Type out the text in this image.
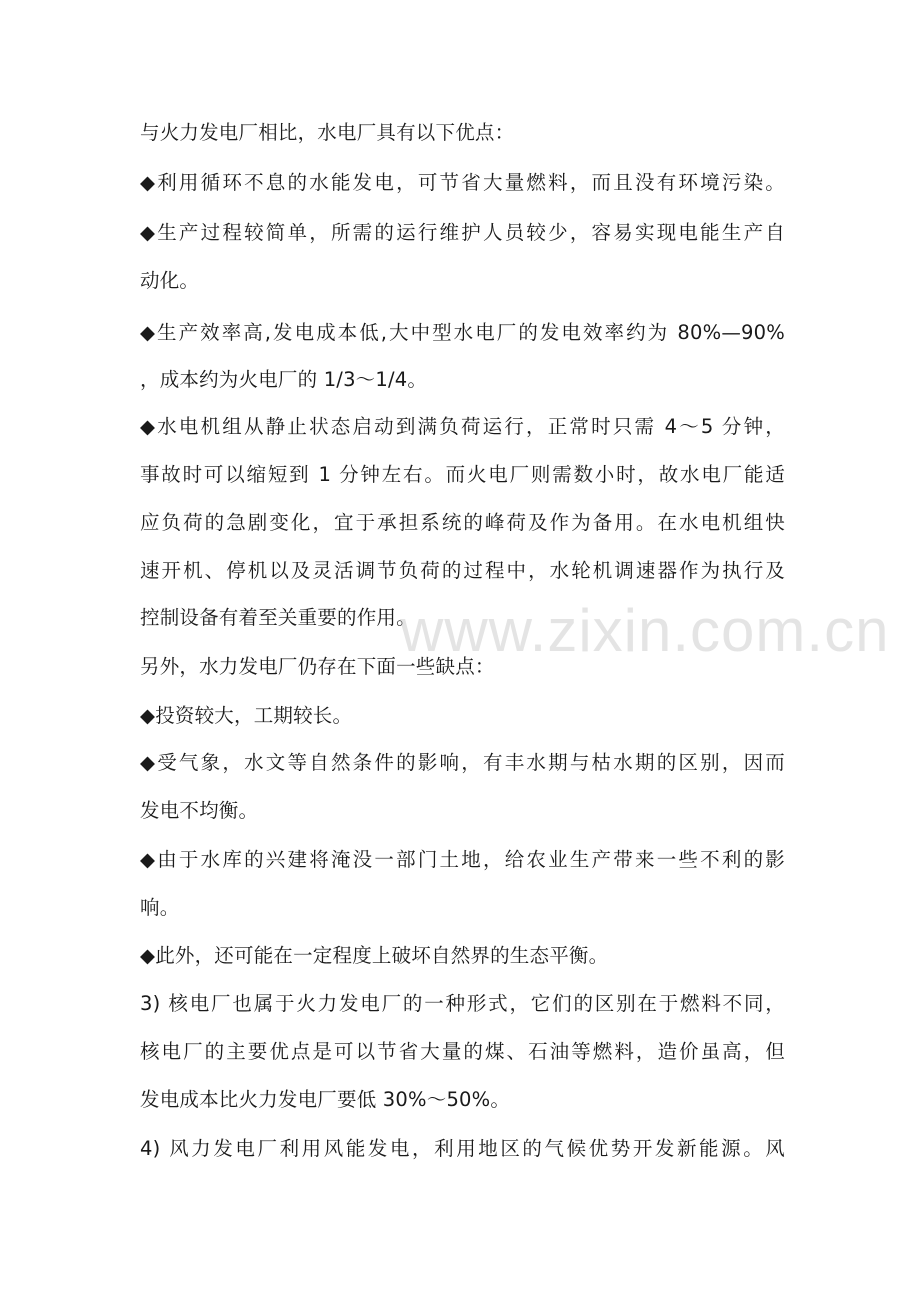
与火力发电厂相比，水电厂具有以下优点：
◆利用循环不息的水能发电，可节省大量燃料，而且没有环境污染。
◆生产过程较简单，所需的运行维护人员较少，容易实现电能生产自
动化。
◆生产效率高,发电成本低,大中型水电厂的发电效率约为 80%—90%
，成本约为火电厂的 1/3～1/4。
◆水电机组从静止状态启动到满负荷运行，正常时只需 4～5 分钟，
事故时可以缩短到 1 分钟左右。而火电厂则需数小时，故水电厂能适
应负荷的急剧变化，宜于承担系统的峰荷及作为备用。在水电机组快
速开机、停机以及灵活调节负荷的过程中，水轮机调速器作为执行及
控制设备有着至关重要的作用。
另外，水力发电厂仍存在下面一些缺点：
◆投资较大，工期较长。
◆受气象，水文等自然条件的影响，有丰水期与枯水期的区别，因而
发电不均衡。
◆由于水库的兴建将淹没一部门土地，给农业生产带来一些不利的影
响。
◆此外，还可能在一定程度上破坏自然界的生态平衡。
3) 核电厂也属于火力发电厂的一种形式，它们的区别在于燃料不同，
核电厂的主要优点是可以节省大量的煤、石油等燃料，造价虽高，但
发电成本比火力发电厂要低 30%～50%。
4) 风力发电厂利用风能发电，利用地区的气候优势开发新能源。风
www.zixin.com.cn
